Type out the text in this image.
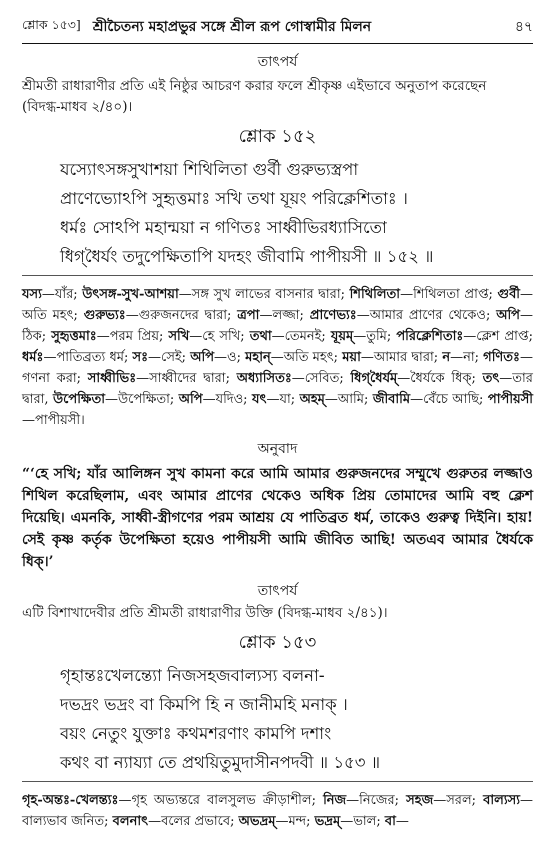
শ্লোক ১৫৩] শ্রীচৈতন্য মহাপ্রভুর সঙ্গে শ্রীল রূপ গোস্বামীর মিলন	৪৭
তাৎপর্য
শ্রীমতী রাধারাণীর প্রতি এই নিষ্ঠুর আচরণ করার ফলে শ্রীকৃষ্ণ এইভাবে অনুতাপ করেছেন
(বিদগ্ধ-মাধব ২/৪০)।
শ্লোক ১৫২
যস্যোৎসঙ্গসুখাশয়া শিথিলিতা গুর্বী গুরুভ্যস্ত্রপা
প্রাণেভ্যোঽপি সুহৃত্তমাঃ সখি তথা যূয়ং পরিক্লেশিতাঃ ।
ধর্মঃ সোঽপি মহান্ময়া ন গণিতঃ সাধ্বীভিরধ্যাসিতো
ধিগ্‌ধৈর্যং তদুপেক্ষিতাপি যদহং জীবামি পাপীয়সী ॥ ১৫২ ॥
যস্য—যাঁর; উৎসঙ্গ-সুখ-আশয়া—সঙ্গ সুখ লাভের বাসনার দ্বারা; শিথিলিতা—শিথিলতা প্রাপ্ত; গুর্বী—অতি মহৎ; গুরুভ্যঃ—গুরুজনদের দ্বারা; ত্রপা—লজ্জা; প্রাণেভ্যঃ—আমার প্রাণের থেকেও; অপি—ঠিক; সুহৃত্তমাঃ—পরম প্রিয়; সখি—হে সখি; তথা—তেমনই; যূয়ম্—তুমি; পরিক্লেশিতাঃ—ক্লেশ প্রাপ্ত; ধর্মঃ—পাতিব্রত্য ধর্ম; সঃ—সেই; অপি—ও; মহান্—অতি মহৎ; ময়া—আমার দ্বারা; ন—না; গণিতঃ—গণনা করা; সাধ্বীভিঃ—সাধ্বীদের দ্বারা; অধ্যাসিতঃ—সেবিত; ধিগ্‌ধৈর্যম্—ধৈর্যকে ধিক্; তৎ—তার দ্বারা, উপেক্ষিতা—উপেক্ষিতা; অপি—যদিও; যৎ—যা; অহম্—আমি; জীবামি—বেঁচে আছি; পাপীয়সী—পাপীয়সী।
অনুবাদ
“‘হে সখি; যাঁর আলিঙ্গন সুখ কামনা করে আমি আমার গুরুজনদের সম্মুখে গুরুতর লজ্জাও শিথিল করেছিলাম, এবং আমার প্রাণের থেকেও অধিক প্রিয় তোমাদের আমি বহু ক্লেশ দিয়েছি। এমনকি, সাধ্বী-স্ত্রীগণের পরম আশ্রয় যে পাতিব্রত ধর্ম, তাকেও গুরুত্ব দিইনি। হায়! সেই কৃষ্ণ কর্তৃক উপেক্ষিতা হয়েও পাপীয়সী আমি জীবিত আছি! অতএব আমার ধৈর্যকে ধিক্।’
তাৎপর্য
এটি বিশাখাদেবীর প্রতি শ্রীমতী রাধারাণীর উক্তি (বিদগ্ধ-মাধব ২/৪১)।
শ্লোক ১৫৩
গৃহান্তঃখেলন্ত্যো নিজসহজবাল্যস্য বলনা-
দভদ্রং ভদ্রং বা কিমপি হি ন জানীমহি মনাক্ ।
বয়ং নেতুং যুক্তাঃ কথমশরণাং কামপি দশাং
কথং বা ন্যায্যা তে প্রথয়িতুমুদাসীনপদবী ॥ ১৫৩ ॥
গৃহ-অন্তঃ-খেলন্ত্যঃ—গৃহ অভ্যন্তরে বালসুলভ ক্রীড়াশীল; নিজ—নিজের; সহজ—সরল; বাল্যস্য—বাল্যভাব জনিত; বলনাৎ—বলের প্রভাবে; অভদ্রম্—মন্দ; ভদ্রম্—ভাল; বা—
